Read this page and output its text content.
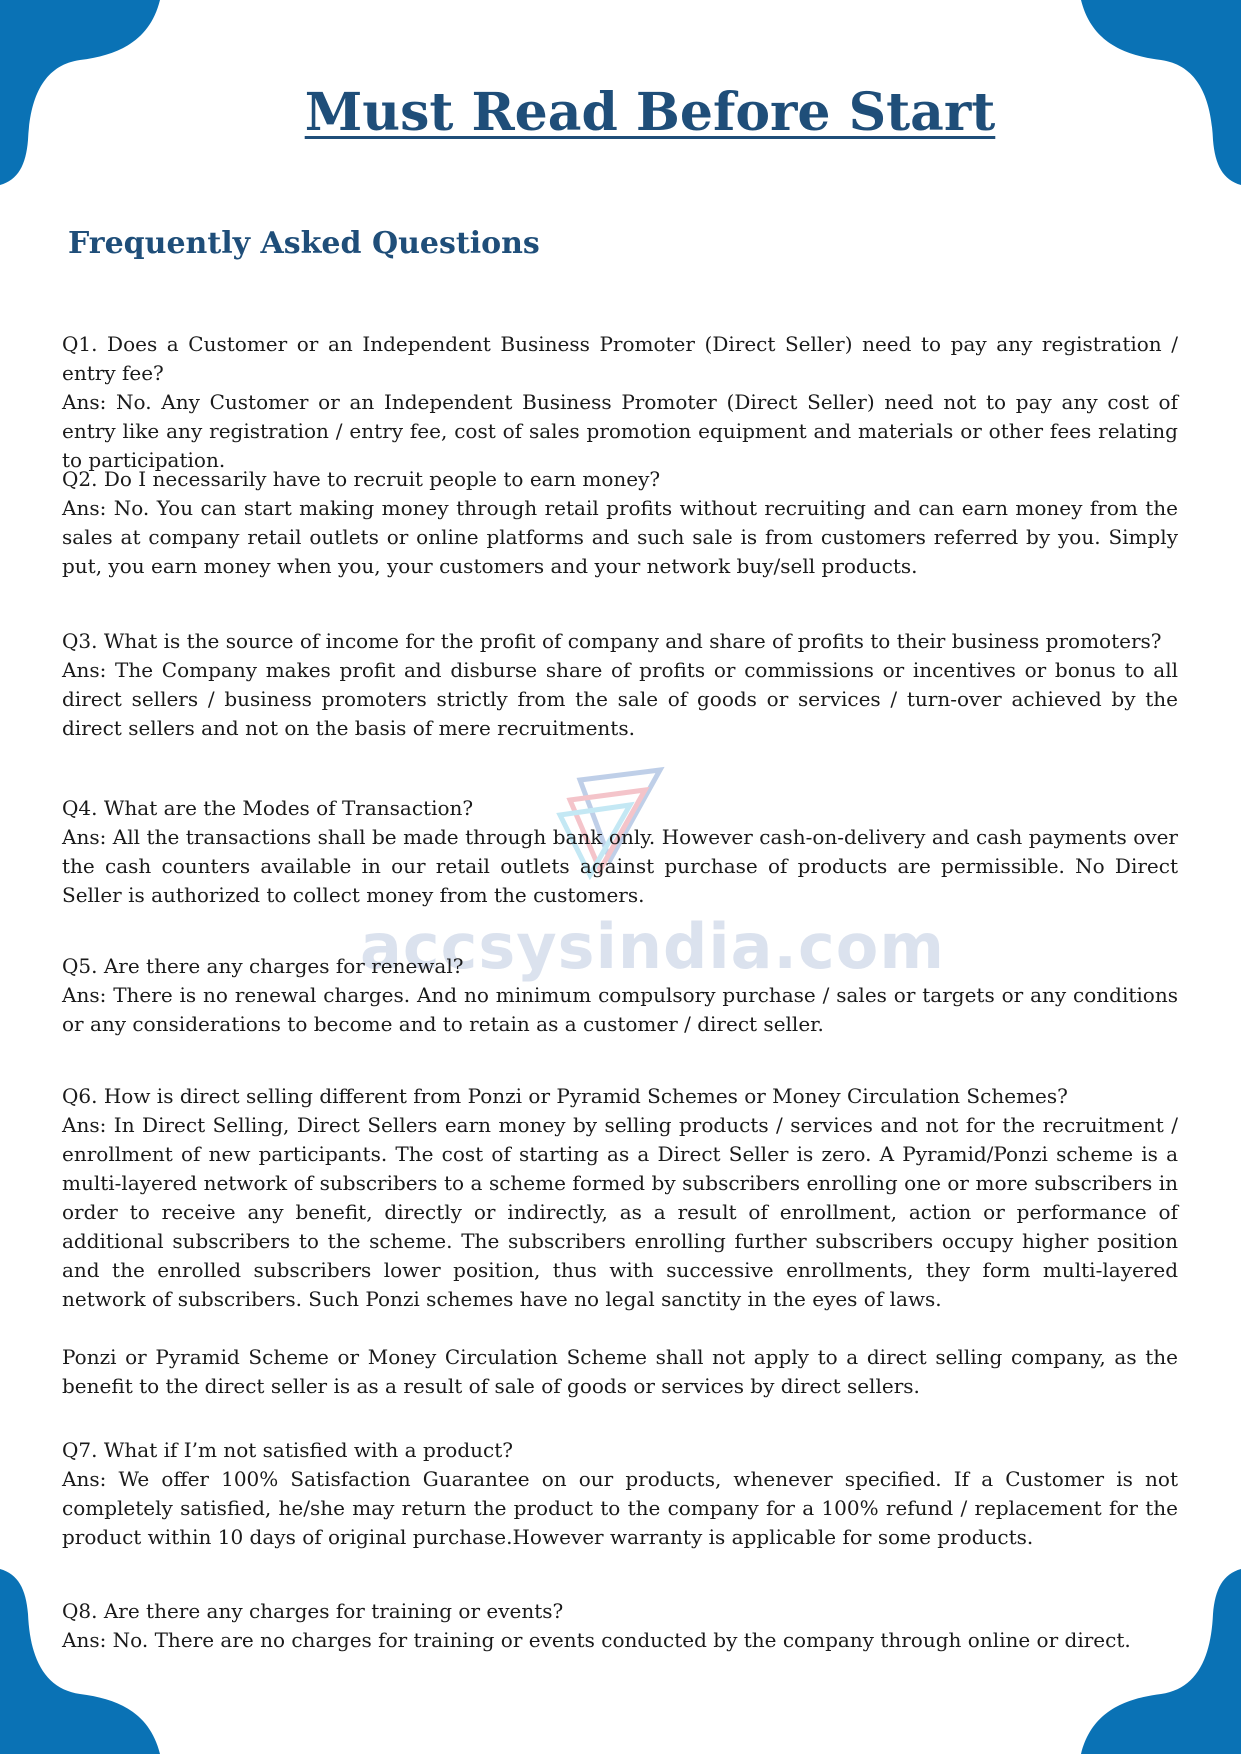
Must Read Before Start
Frequently Asked Questions
accsysindia.com

Q1. Does a Customer or an Independent Business Promoter (Direct Seller) need to pay any registration / entry fee?

Ans: No. Any Customer or an Independent Business Promoter (Direct Seller) need not to pay any cost of entry like any registration / entry fee, cost of sales promotion equipment and materials or other fees relating to participation.

Q2. Do I necessarily have to recruit people to earn money?

Ans: No. You can start making money through retail profits without recruiting and can earn money from the sales at company retail outlets or online platforms and such sale is from customers referred by you. Simply put, you earn money when you, your customers and your network buy/sell products.

Q3. What is the source of income for the profit of company and share of profits to their business promoters?

Ans: The Company makes profit and disburse share of profits or commissions or incentives or bonus to all direct sellers / business promoters strictly from the sale of goods or services / turn-over achieved by the direct sellers and not on the basis of mere recruitments.

Q4. What are the Modes of Transaction?

Ans: All the transactions shall be made through bank only. However cash-on-delivery and cash payments over the cash counters available in our retail outlets against purchase of products are permissible. No Direct Seller is authorized to collect money from the customers.

Q5. Are there any charges for renewal?

Ans: There is no renewal charges. And no minimum compulsory purchase / sales or targets or any conditions or any considerations to become and to retain as a customer / direct seller.

Q6. How is direct selling different from Ponzi or Pyramid Schemes or Money Circulation Schemes?

Ans: In Direct Selling, Direct Sellers earn money by selling products / services and not for the recruitment / enrollment of new participants. The cost of starting as a Direct Seller is zero. A Pyramid/Ponzi scheme is a multi-layered network of subscribers to a scheme formed by subscribers enrolling one or more subscribers in order to receive any benefit, directly or indirectly, as a result of enrollment, action or performance of additional subscribers to the scheme. The subscribers enrolling further subscribers occupy higher position and the enrolled subscribers lower position, thus with successive enrollments, they form multi-layered network of subscribers. Such Ponzi schemes have no legal sanctity in the eyes of laws.

Ponzi or Pyramid Scheme or Money Circulation Scheme shall not apply to a direct selling company, as the benefit to the direct seller is as a result of sale of goods or services by direct sellers.

Q7. What if I’m not satisfied with a product?

Ans: We offer 100% Satisfaction Guarantee on our products, whenever specified. If a Customer is not completely satisfied, he/she may return the product to the company for a 100% refund / replacement for the product within 10 days of original purchase.However warranty is applicable for some products.

Q8. Are there any charges for training or events?

Ans: No. There are no charges for training or events conducted by the company through online or direct.
